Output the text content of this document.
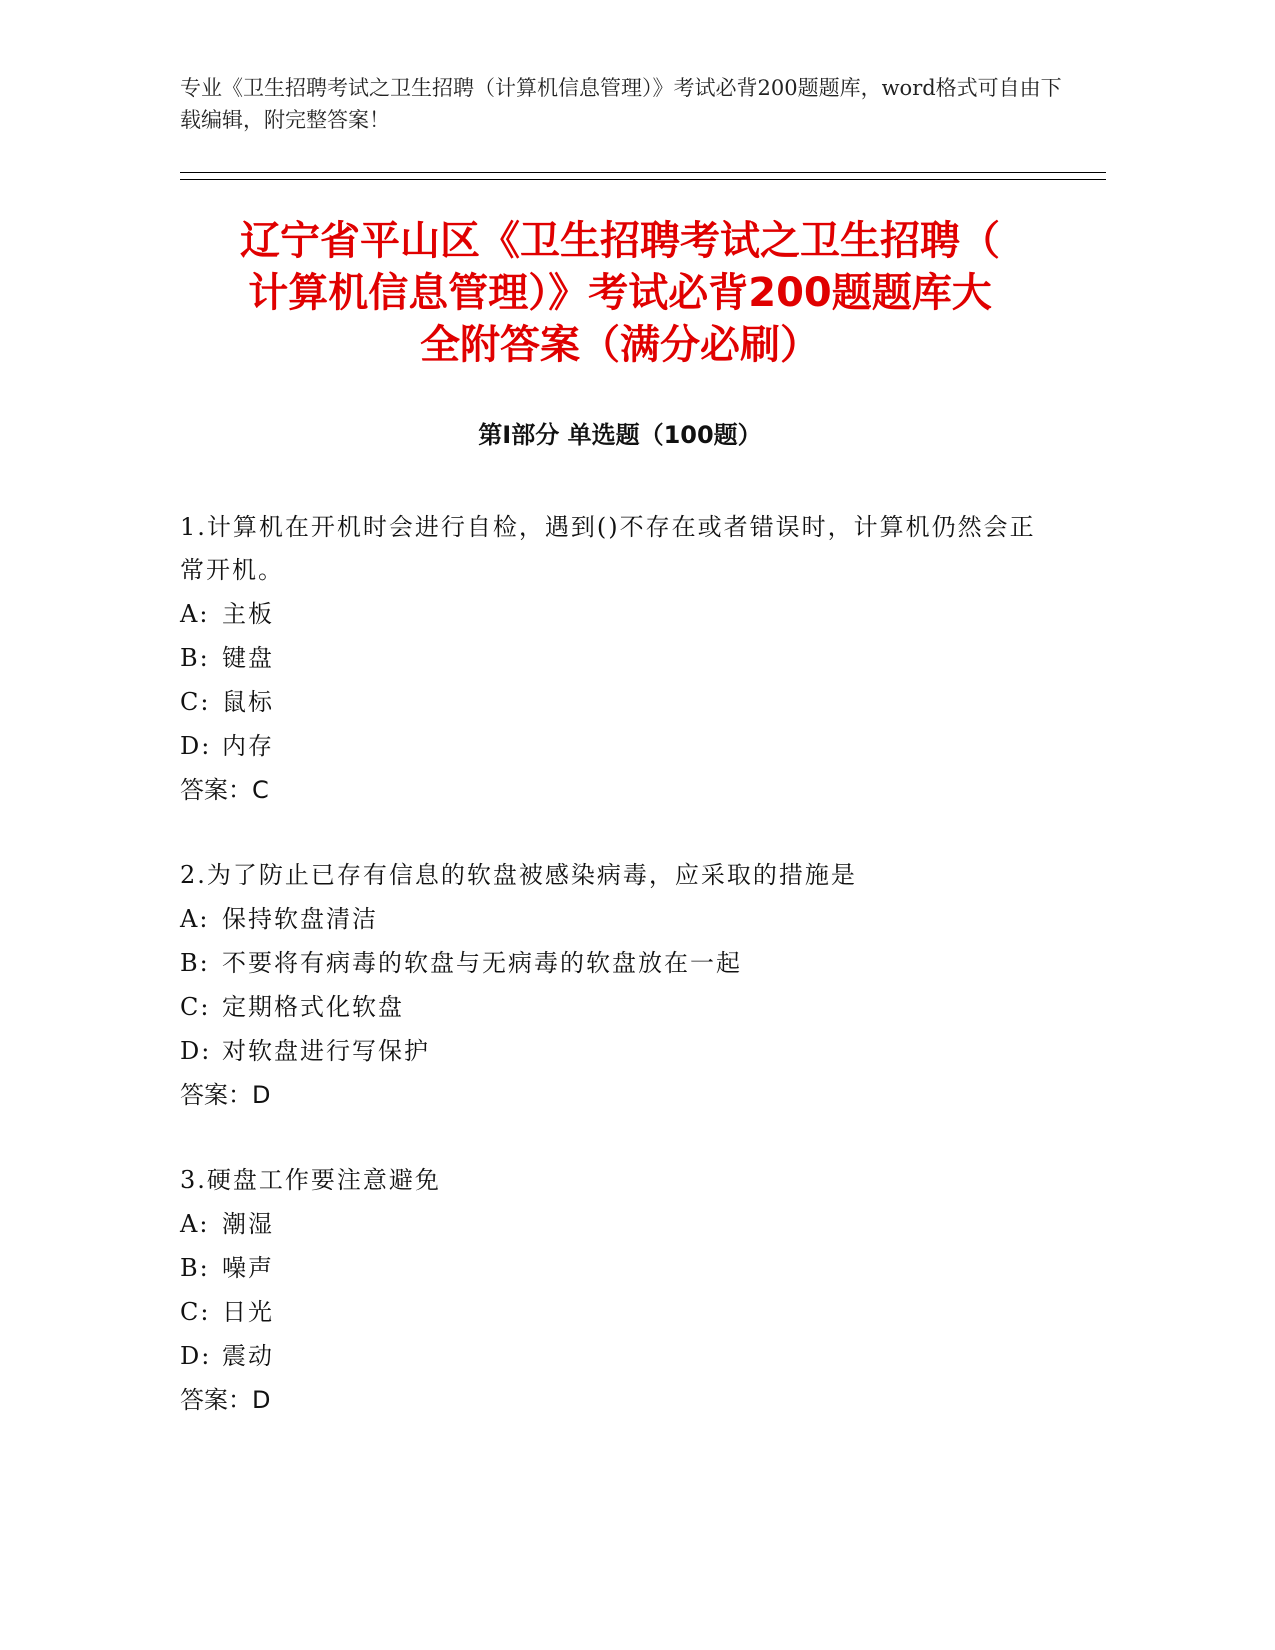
专业《卫生招聘考试之卫生招聘（计算机信息管理）》考试必背200题题库，word格式可自由下载编辑，附完整答案！
辽宁省平山区《卫生招聘考试之卫生招聘（
计算机信息管理）》考试必背200题题库大
全附答案（满分必刷）
第Ⅰ部分 单选题（100题）
1.计算机在开机时会进行自检，遇到()不存在或者错误时，计算机仍然会正常开机。
A: 主板
B: 键盘
C: 鼠标
D: 内存
答案：C
2.为了防止已存有信息的软盘被感染病毒，应采取的措施是
A: 保持软盘清洁
B: 不要将有病毒的软盘与无病毒的软盘放在一起
C: 定期格式化软盘
D: 对软盘进行写保护
答案：D
3.硬盘工作要注意避免
A: 潮湿
B: 噪声
C: 日光
D: 震动
答案：D
